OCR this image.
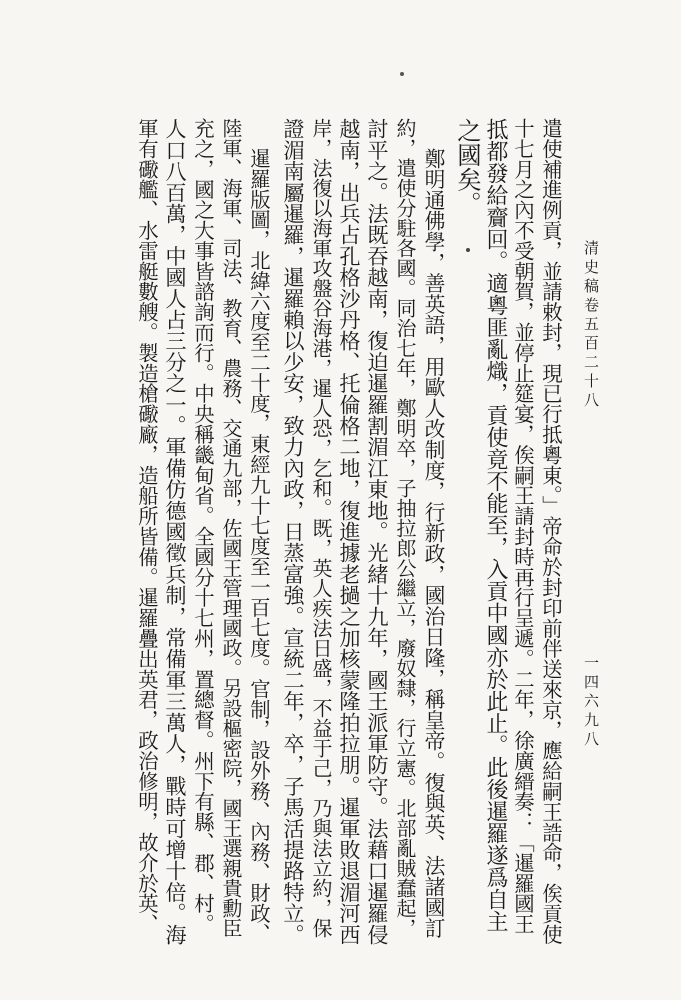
清史稿卷五百二十八
一四六九八
遣使補進例貢，並請敕封，現已行抵粵東。」帝命於封印前伴送來京，應給嗣王誥命，俟貢使
十七月之內不受朝賀，並停止筵宴，俟嗣王請封時再行呈遞。二年，徐廣縉奏：「暹羅國王
抵都發給齎回。適粵匪亂熾，貢使竟不能至，入貢中國亦於此止。此後暹羅遂爲自主
之國矣。
鄭明通佛學，善英語，用歐人改制度，行新政，國治日隆，稱皇帝。復與英、法諸國訂
約，遣使分駐各國。同治七年，鄭明卒，子抽拉郎公繼立，廢奴隸，行立憲。北部亂賊蠢起，
討平之。法既吞越南，復迫暹羅割湄江東地。光緒十九年，國王派軍防守。法藉口暹羅侵
越南，出兵占孔格沙丹格、托倫格二地，復進據老撾之加核蒙隆拍拉朋。暹軍敗退湄河西
岸，法復以海軍攻盤谷海港，暹人恐，乞和。既，英人疾法日盛，不益于己，乃與法立約，保
證湄南屬暹羅，暹羅賴以少安，致力內政，日蒸富強。宣統二年，卒，子馬活提路特立。
暹羅版圖，北緯六度至二十度，東經九十七度至一百七度。官制，設外務、內務、財政、
陸軍、海軍、司法、教育、農務、交通九部，佐國王管理國政。另設樞密院，國王選親貴勳臣
充之，國之大事皆諮詢而行。中央稱畿甸省。全國分十七州，置總督。州下有縣、郡、村。
人口八百萬，中國人占三分之一。軍備仿德國徵兵制，常備軍三萬人，戰時可增十倍。海
軍有礮艦、水雷艇數艘。製造槍礮廠，造船所皆備。暹羅疊出英君，政治修明，故介於英、
